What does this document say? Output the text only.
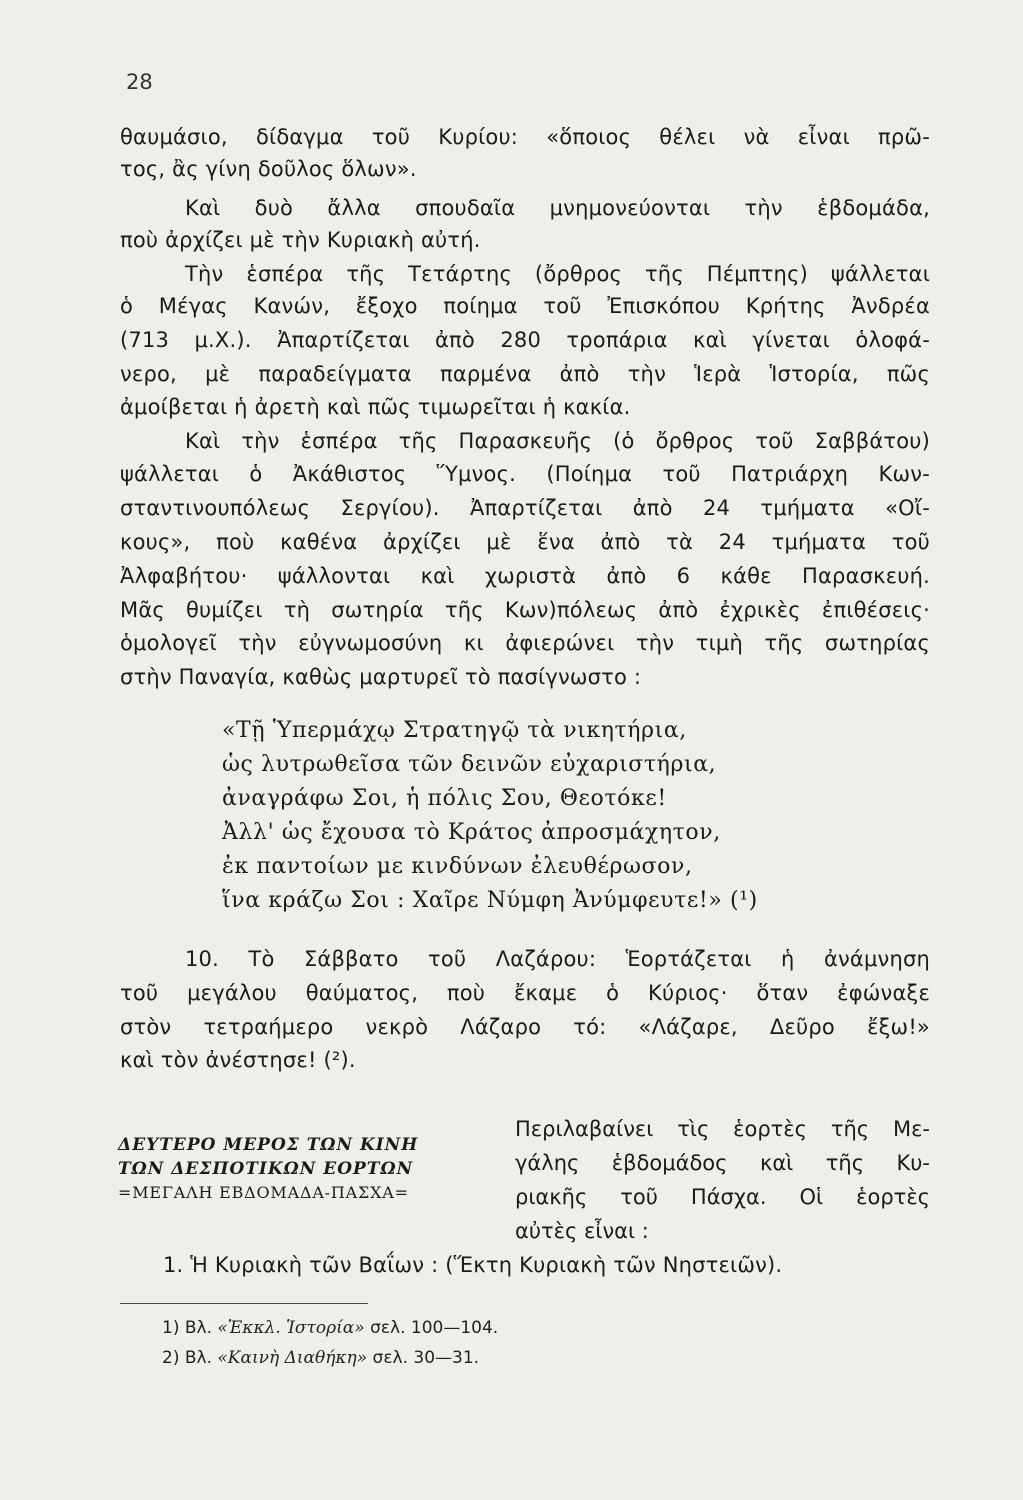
28
θαυμάσιο, δίδαγμα τοῦ Κυρίου: «ὅποιος θέλει νὰ εἶναι πρῶ-
τος, ἂς γίνη δοῦλος ὅλων».
Καὶ δυὸ ἄλλα σπουδαῖα μνημονεύονται τὴν ἑβδομάδα,
ποὺ ἀρχίζει μὲ τὴν Κυριακὴ αὐτή.
Τὴν ἑσπέρα τῆς Τετάρτης (ὄρθρος τῆς Πέμπτης) ψάλλεται
ὁ Μέγας Κανών, ἔξοχο ποίημα τοῦ Ἐπισκόπου Κρήτης Ἀνδρέα
(713 μ.Χ.). Ἀπαρτίζεται ἀπὸ 280 τροπάρια καὶ γίνεται ὁλοφά-
νερο, μὲ παραδείγματα παρμένα ἀπὸ τὴν Ἱερὰ Ἱστορία, πῶς
ἀμοίβεται ἡ ἀρετὴ καὶ πῶς τιμωρεῖται ἡ κακία.
Καὶ τὴν ἑσπέρα τῆς Παρασκευῆς (ὁ ὄρθρος τοῦ Σαββάτου)
ψάλλεται ὁ Ἀκάθιστος Ὕμνος. (Ποίημα τοῦ Πατριάρχη Κων-
σταντινουπόλεως Σεργίου). Ἀπαρτίζεται ἀπὸ 24 τμήματα «Οἴ-
κους», ποὺ καθένα ἀρχίζει μὲ ἕνα ἀπὸ τὰ 24 τμήματα τοῦ
Ἀλφαβήτου· ψάλλονται καὶ χωριστὰ ἀπὸ 6 κάθε Παρασκευή.
Μᾶς θυμίζει τὴ σωτηρία τῆς Κων)πόλεως ἀπὸ ἐχρικὲς ἐπιθέσεις·
ὁμολογεῖ τὴν εὐγνωμοσύνη κι ἀφιερώνει τὴν τιμὴ τῆς σωτηρίας
στὴν Παναγία, καθὼς μαρτυρεῖ τὸ πασίγνωστο :
«Τῇ Ὑπερμάχῳ Στρατηγῷ τὰ νικητήρια,
ὡς λυτρωθεῖσα τῶν δεινῶν εὐχαριστήρια,
ἀναγράφω Σοι, ἡ πόλις Σου, Θεοτόκε!
Ἀλλ' ὡς ἔχουσα τὸ Κράτος ἀπροσμάχητον,
ἐκ παντοίων με κινδύνων ἐλευθέρωσον,
ἵνα κράζω Σοι : Χαῖρε Νύμφη Ἀνύμφευτε!» (¹)
10. Τὸ Σάββατο τοῦ Λαζάρου: Ἑορτάζεται ἡ ἀνάμνηση
τοῦ μεγάλου θαύματος, ποὺ ἔκαμε ὁ Κύριος· ὅταν ἐφώναξε
στὸν τετραήμερο νεκρὸ Λάζαρο τό: «Λάζαρε, Δεῦρο ἔξω!»
καὶ τὸν ἀνέστησε! (²).
ΔΕΥΤΕΡΟ ΜΕΡΟΣ ΤΩΝ ΚΙΝΗ
ΤΩΝ ΔΕΣΠΟΤΙΚΩΝ ΕΟΡΤΩΝ
=ΜΕΓΑΛΗ ΕΒΔΟΜΑΔΑ-ΠΑΣΧΑ=
Περιλαβαίνει τὶς ἑορτὲς τῆς Με-
γάλης ἑβδομάδος καὶ τῆς Κυ-
ριακῆς τοῦ Πάσχα. Οἱ ἑορτὲς
αὐτὲς εἶναι :
1. Ἡ Κυριακὴ τῶν Βαΐων : (Ἕκτη Κυριακὴ τῶν Νηστειῶν).
1) Βλ. «Ἐκκλ. Ἱστορία» σελ. 100—104.
2) Βλ. «Καινὴ Διαθήκη» σελ. 30—31.
